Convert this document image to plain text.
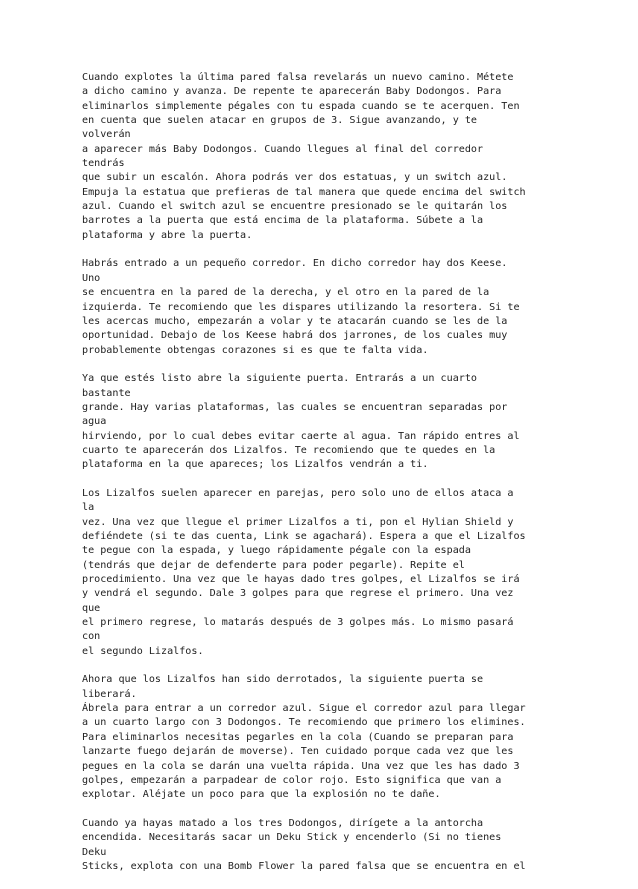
Cuando explotes la última pared falsa revelarás un nuevo camino. Métete
a dicho camino y avanza. De repente te aparecerán Baby Dodongos. Para
eliminarlos simplemente pégales con tu espada cuando se te acerquen. Ten
en cuenta que suelen atacar en grupos de 3. Sigue avanzando, y te
volverán
a aparecer más Baby Dodongos. Cuando llegues al final del corredor
tendrás
que subir un escalón. Ahora podrás ver dos estatuas, y un switch azul.
Empuja la estatua que prefieras de tal manera que quede encima del switch
azul. Cuando el switch azul se encuentre presionado se le quitarán los
barrotes a la puerta que está encima de la plataforma. Súbete a la
plataforma y abre la puerta.
Habrás entrado a un pequeño corredor. En dicho corredor hay dos Keese.
Uno
se encuentra en la pared de la derecha, y el otro en la pared de la
izquierda. Te recomiendo que les dispares utilizando la resortera. Si te
les acercas mucho, empezarán a volar y te atacarán cuando se les de la
oportunidad. Debajo de los Keese habrá dos jarrones, de los cuales muy
probablemente obtengas corazones si es que te falta vida.
Ya que estés listo abre la siguiente puerta. Entrarás a un cuarto
bastante
grande. Hay varias plataformas, las cuales se encuentran separadas por
agua
hirviendo, por lo cual debes evitar caerte al agua. Tan rápido entres al
cuarto te aparecerán dos Lizalfos. Te recomiendo que te quedes en la
plataforma en la que apareces; los Lizalfos vendrán a ti.
Los Lizalfos suelen aparecer en parejas, pero solo uno de ellos ataca a
la
vez. Una vez que llegue el primer Lizalfos a ti, pon el Hylian Shield y
defiéndete (si te das cuenta, Link se agachará). Espera a que el Lizalfos
te pegue con la espada, y luego rápidamente pégale con la espada
(tendrás que dejar de defenderte para poder pegarle). Repite el
procedimiento. Una vez que le hayas dado tres golpes, el Lizalfos se irá
y vendrá el segundo. Dale 3 golpes para que regrese el primero. Una vez
que
el primero regrese, lo matarás después de 3 golpes más. Lo mismo pasará
con
el segundo Lizalfos.
Ahora que los Lizalfos han sido derrotados, la siguiente puerta se
liberará.
Ábrela para entrar a un corredor azul. Sigue el corredor azul para llegar
a un cuarto largo con 3 Dodongos. Te recomiendo que primero los elimines.
Para eliminarlos necesitas pegarles en la cola (Cuando se preparan para
lanzarte fuego dejarán de moverse). Ten cuidado porque cada vez que les
pegues en la cola se darán una vuelta rápida. Una vez que les has dado 3
golpes, empezarán a parpadear de color rojo. Esto significa que van a
explotar. Aléjate un poco para que la explosión no te dañe.
Cuando ya hayas matado a los tres Dodongos, dirígete a la antorcha
encendida. Necesitarás sacar un Deku Stick y encenderlo (Si no tienes
Deku
Sticks, explota con una Bomb Flower la pared falsa que se encuentra en el
